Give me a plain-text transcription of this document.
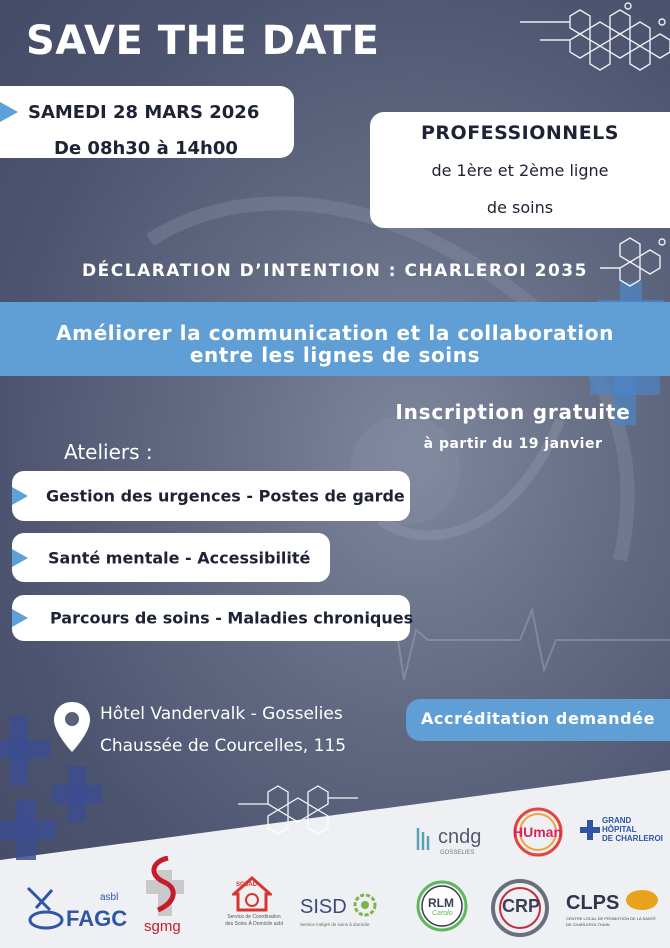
SAVE THE DATE
SAMEDI 28 MARS 2026
De 08h30 à 14h00
PROFESSIONNELS
de 1ère et 2ème ligne
de soins
DÉCLARATION D’INTENTION : CHARLEROI 2035
Améliorer la communication et la collaboration
entre les lignes de soins
Inscription gratuite
à partir du 19 janvier
Ateliers :
Gestion des urgences - Postes de garde
Santé mentale - Accessibilité
Parcours de soins - Maladies chroniques
Hôtel Vandervalk - Gosselies
Chaussée de Courcelles, 115
Accréditation demandée
cndg
GOSSELIES
HUman
GRAND
HÔPITAL
DE CHARLEROI
FAGC
asbl
sgmg
SCSAD
Service de Coordination
des Soins À Domicile asbl
SISD
Service intégré de soins à domicile
RLM
Carolo	CRP CLPS
CENTRE LOCAL DE PROMOTION DE LA SANTÉ
DE CHARLEROI-THUIN
